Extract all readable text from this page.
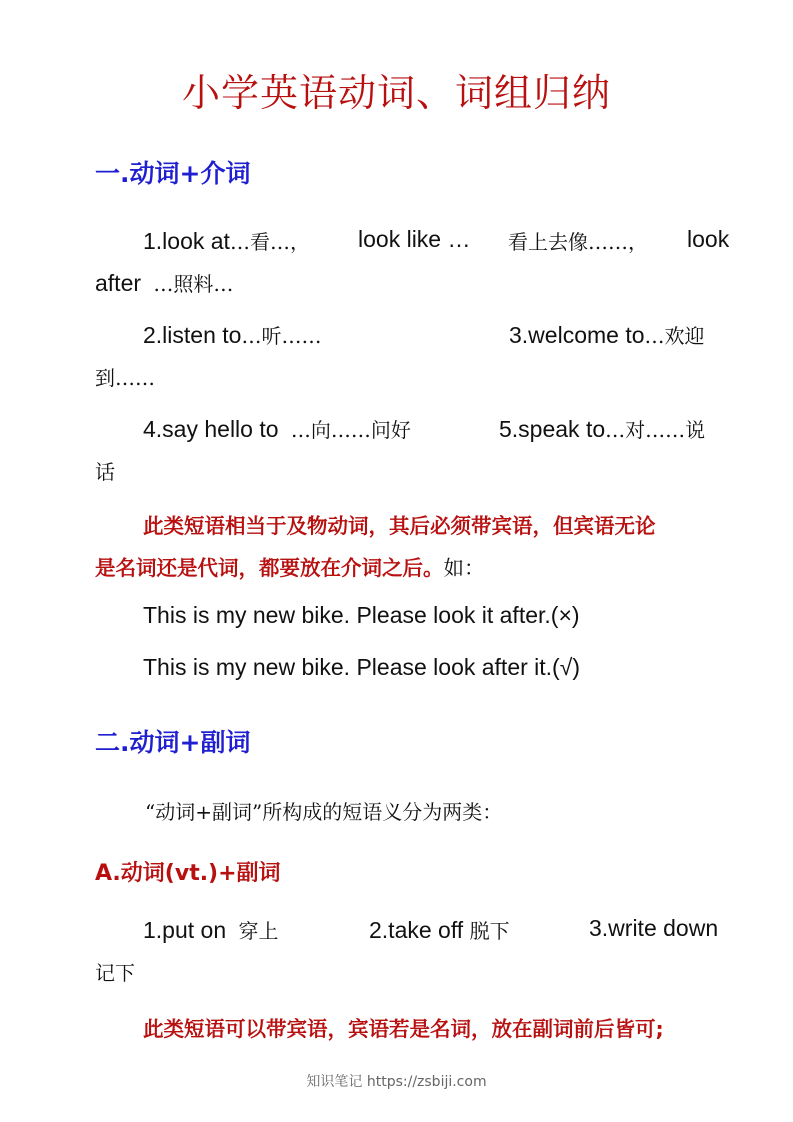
小学英语动词、词组归纳
一.动词+介词
1.look at…看…， look like … 看上去像……， look
after …照料…
2.listen to…听……	3.welcome to…欢迎
到……
4.say hello to …向……问好	5.speak to…对……说
话
此类短语相当于及物动词，其后必须带宾语，但宾语无论
是名词还是代词，都要放在介词之后。如：
This is my new bike. Please look it after.(×)
This is my new bike. Please look after it.(√)
二.动词+副词
“动词+副词”所构成的短语义分为两类：
A.动词(vt.)+副词
1.put on 穿上	2.take off 脱下	3.write down
记下
此类短语可以带宾语，宾语若是名词，放在副词前后皆可;
知识笔记 https://zsbiji.com
